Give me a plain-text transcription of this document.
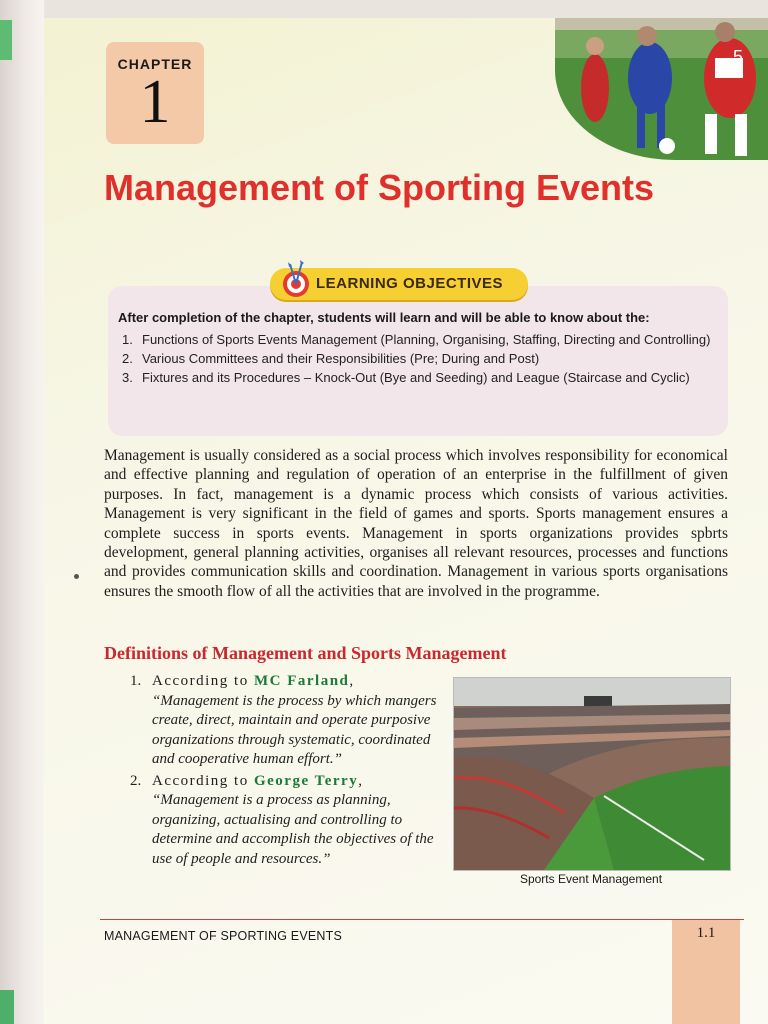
CHAPTER
1
5
Management of Sporting Events
LEARNING OBJECTIVES
After completion of the chapter, students will learn and will be able to know about the:
1. Functions of Sports Events Management (Planning, Organising, Staffing, Directing and Controlling)
2. Various Committees and their Responsibilities (Pre; During and Post)
3. Fixtures and its Procedures – Knock-Out (Bye and Seeding) and League (Staircase and Cyclic)

Management is usually considered as a social process which involves responsibility for economical and effective planning and regulation of operation of an enterprise in the fulfillment of given purposes. In fact, management is a dynamic process which consists of various activities. Management is very significant in the field of games and sports. Sports management ensures a complete success in sports events. Management in sports organizations provides spbrts development, general planning activities, organises all relevant resources, processes and functions and provides communication skills and coordination. Management in various sports organisations ensures the smooth flow of all the activities that are involved in the programme.

Definitions of Management and Sports Management
1. According to MC Farland,
“Management is the process by which mangers create, direct, maintain and operate purposive organizations through systematic, coordinated and cooperative human effort.”
2. According to George Terry,
“Management is a process as planning, organizing, actualising and controlling to determine and accomplish the objectives of the use of people and resources.”
Sports Event Management
MANAGEMENT OF SPORTING EVENTS	1.1
